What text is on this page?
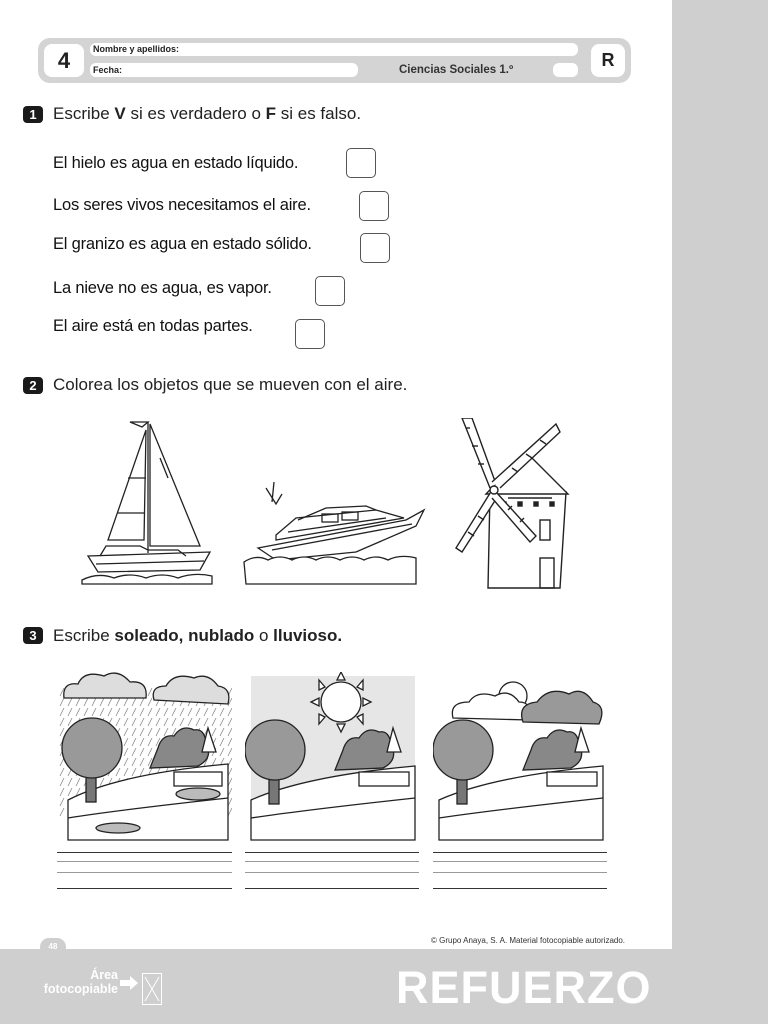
4	Nombre y apellidos:
Fecha:	Ciencias Sociales 1.º	R
1 Escribe V si es verdadero o F si es falso.
El hielo es agua en estado líquido.
Los seres vivos necesitamos el aire.
El granizo es agua en estado sólido.
La nieve no es agua, es vapor.
El aire está en todas partes.
2 Colorea los objetos que se mueven con el aire.
3 Escribe soleado, nublado o lluvioso.
© Grupo Anaya, S. A. Material fotocopiable autorizado.
48
Área
fotocopiable	REFUERZO
